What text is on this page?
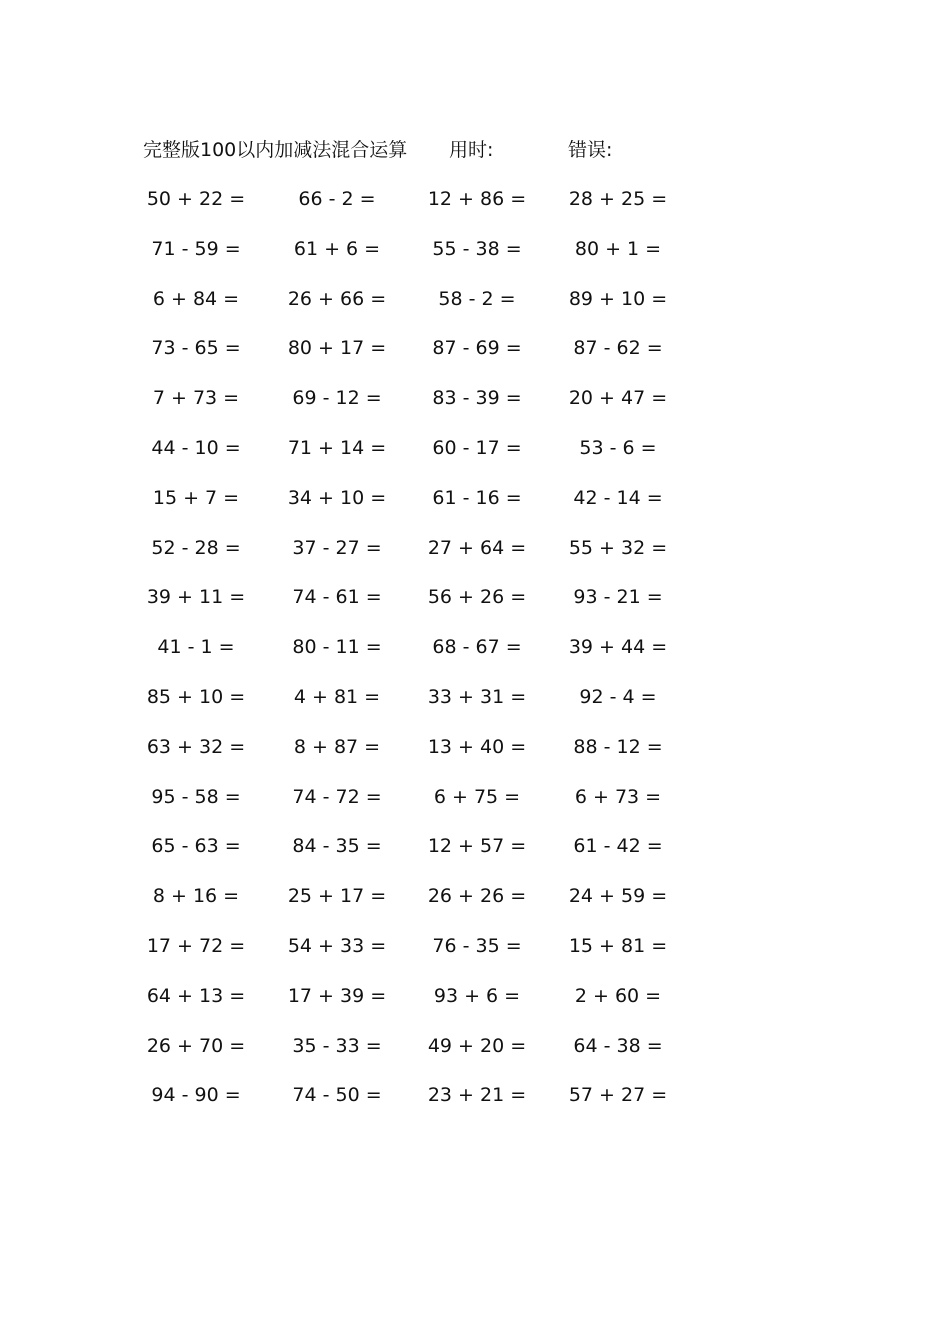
完整版100以内加减法混合运算 用时:	错误:
50 + 22 =	66 - 2 =	12 + 86 =	28 + 25 =
71 - 59 =	61 + 6 =	55 - 38 =	80 + 1 =
6 + 84 =	26 + 66 =	58 - 2 =	89 + 10 =
73 - 65 =	80 + 17 =	87 - 69 =	87 - 62 =
7 + 73 =	69 - 12 =	83 - 39 =	20 + 47 =
44 - 10 =	71 + 14 =	60 - 17 =	53 - 6 =
15 + 7 =	34 + 10 =	61 - 16 =	42 - 14 =
52 - 28 =	37 - 27 =	27 + 64 =	55 + 32 =
39 + 11 =	74 - 61 =	56 + 26 =	93 - 21 =
41 - 1 =	80 - 11 =	68 - 67 =	39 + 44 =
85 + 10 =	4 + 81 =	33 + 31 =	92 - 4 =
63 + 32 =	8 + 87 =	13 + 40 =	88 - 12 =
95 - 58 =	74 - 72 =	6 + 75 =	6 + 73 =
65 - 63 =	84 - 35 =	12 + 57 =	61 - 42 =
8 + 16 =	25 + 17 =	26 + 26 =	24 + 59 =
17 + 72 =	54 + 33 =	76 - 35 =	15 + 81 =
64 + 13 =	17 + 39 =	93 + 6 =	2 + 60 =
26 + 70 =	35 - 33 =	49 + 20 =	64 - 38 =
94 - 90 =	74 - 50 =	23 + 21 =	57 + 27 =
